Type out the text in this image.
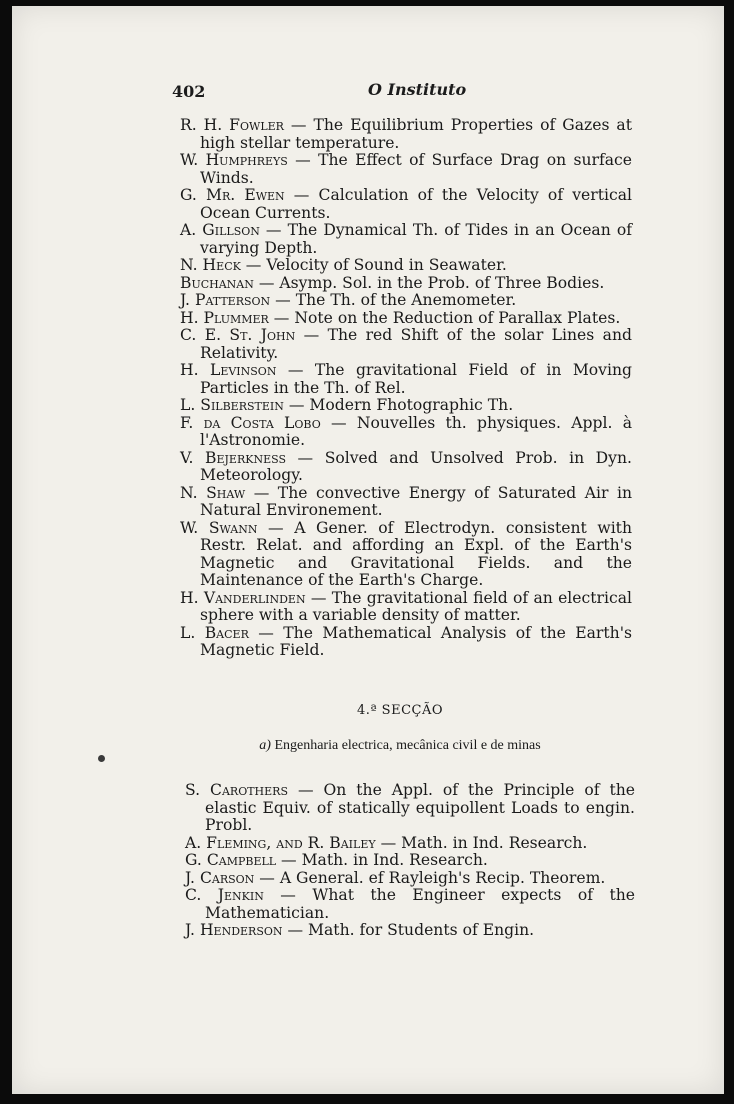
402	O Instituto
R. H. Fowler — The Equilibrium Properties of Gazes at high stellar temperature.
W. Humphreys — The Effect of Surface Drag on surface Winds.
G. Mr. Ewen — Calculation of the Velocity of vertical Ocean Currents.
A. Gillson — The Dynamical Th. of Tides in an Ocean of varying Depth.
N. Heck — Velocity of Sound in Seawater.
Buchanan — Asymp. Sol. in the Prob. of Three Bodies.
J. Patterson — The Th. of the Anemometer.
H. Plummer — Note on the Reduction of Parallax Plates.
C. E. St. John — The red Shift of the solar Lines and Relativity.
H. Levinson — The gravitational Field of in Moving Particles in the Th. of Rel.
L. Silberstein — Modern Fhotographic Th.
F. da Costa Lobo — Nouvelles th. physiques. Appl. à l'Astronomie.
V. Bejerkness — Solved and Unsolved Prob. in Dyn. Meteorology.
N. Shaw — The convective Energy of Saturated Air in Natural Environement.
W. Swann — A Gener. of Electrodyn. consistent with Restr. Relat. and affording an Expl. of the Earth's Magnetic and Gravitational Fields. and the Maintenance of the Earth's Charge.
H. Vanderlinden — The gravitational field of an electrical sphere with a variable density of matter.
L. Bacer — The Mathematical Analysis of the Earth's Magnetic Field.
4.ª SECÇÃO
a) Engenharia electrica, mecânica civil e de minas
S. Carothers — On the Appl. of the Principle of the elastic Equiv. of statically equipollent Loads to engin. Probl.
A. Fleming, and R. Bailey — Math. in Ind. Research.
G. Campbell — Math. in Ind. Research.
J. Carson — A General. ef Rayleigh's Recip. Theorem.
C. Jenkin — What the Engineer expects of the Mathematician.
J. Henderson — Math. for Students of Engin.
